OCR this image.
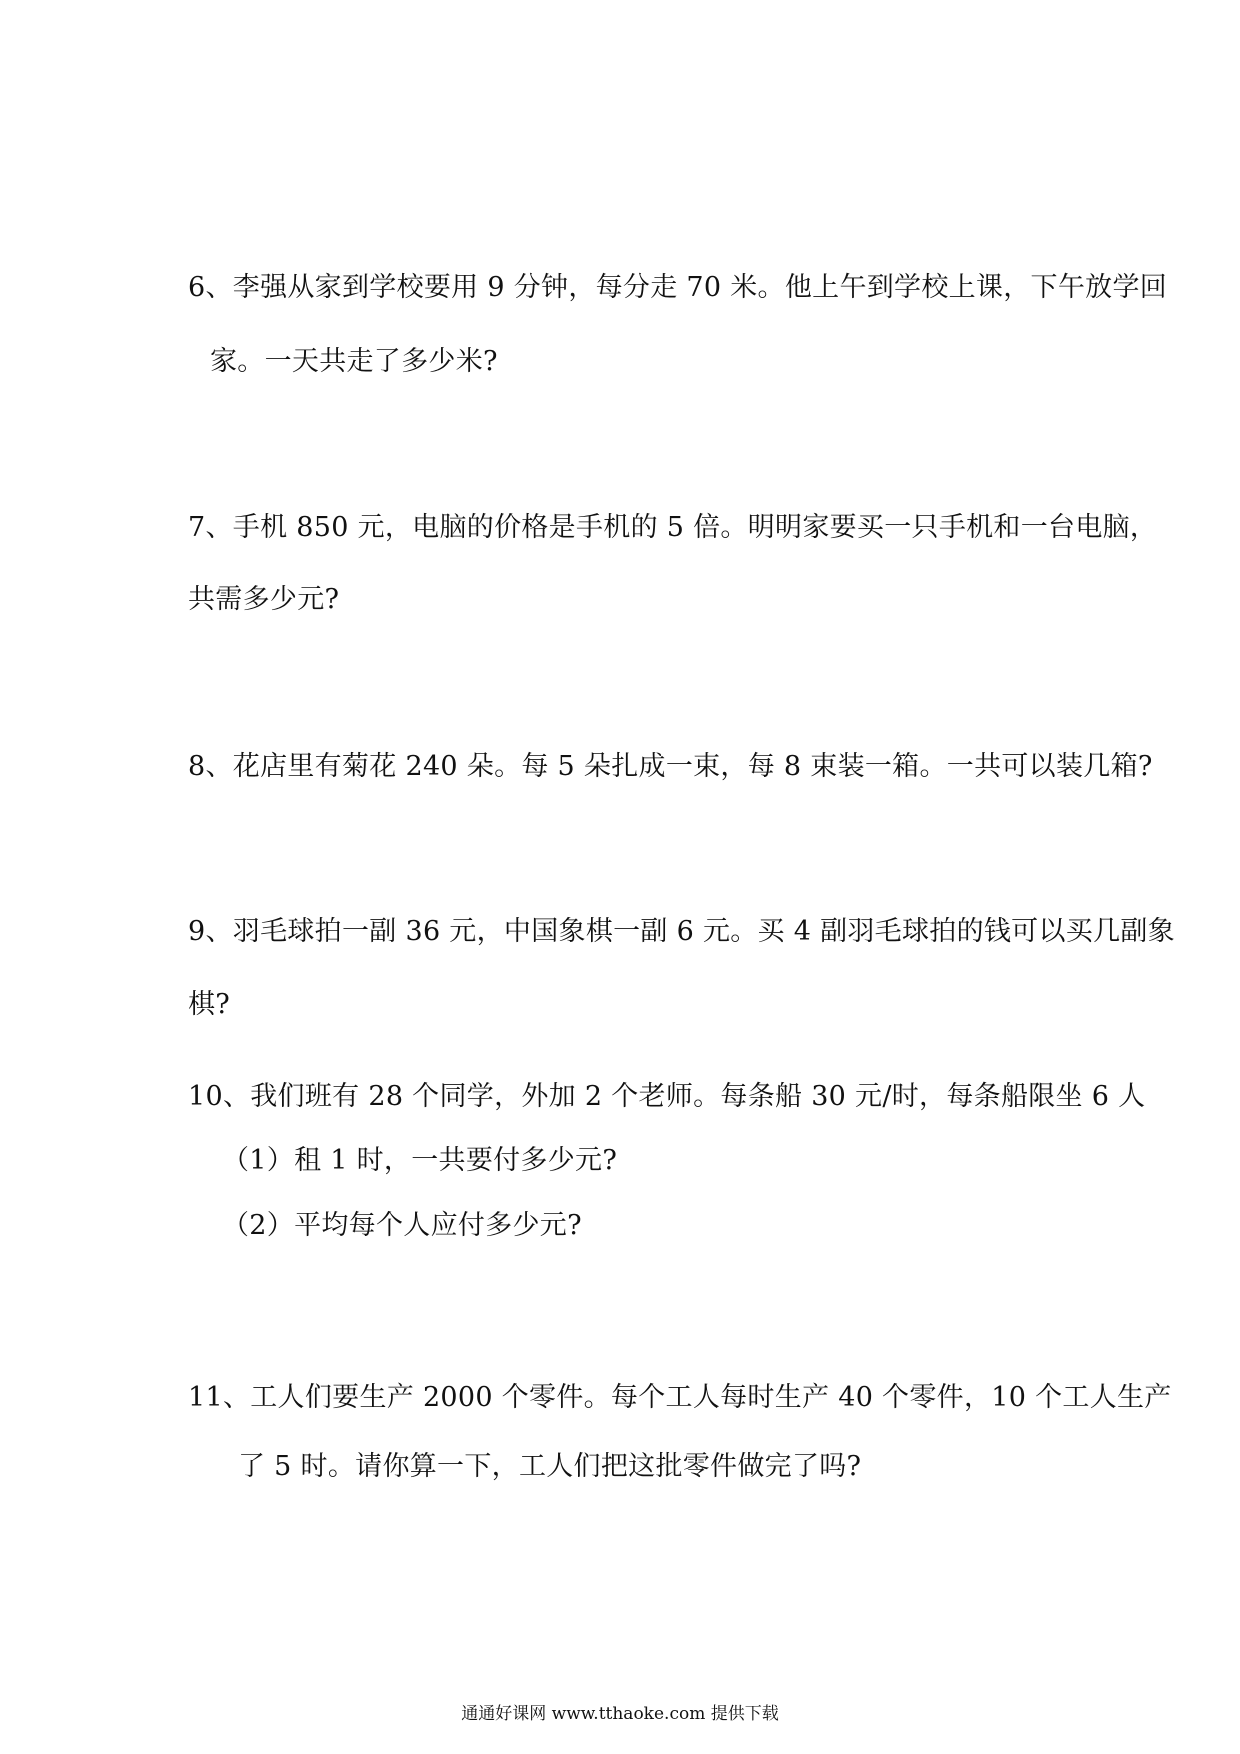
6、李强从家到学校要用 9 分钟，每分走 70 米。他上午到学校上课，下午放学回
家。一天共走了多少米?
7、手机 850 元，电脑的价格是手机的 5 倍。明明家要买一只手机和一台电脑，
共需多少元?
8、花店里有菊花 240 朵。每 5 朵扎成一束，每 8 束装一箱。一共可以装几箱?
9、羽毛球拍一副 36 元，中国象棋一副 6 元。买 4 副羽毛球拍的钱可以买几副象
棋?
10、我们班有 28 个同学，外加 2 个老师。每条船 30 元/时，每条船限坐 6 人
（1）租 1 时，一共要付多少元?
（2）平均每个人应付多少元?
11、工人们要生产 2000 个零件。每个工人每时生产 40 个零件，10 个工人生产
了 5 时。请你算一下，工人们把这批零件做完了吗?
通通好课网 www.tthaoke.com 提供下载
